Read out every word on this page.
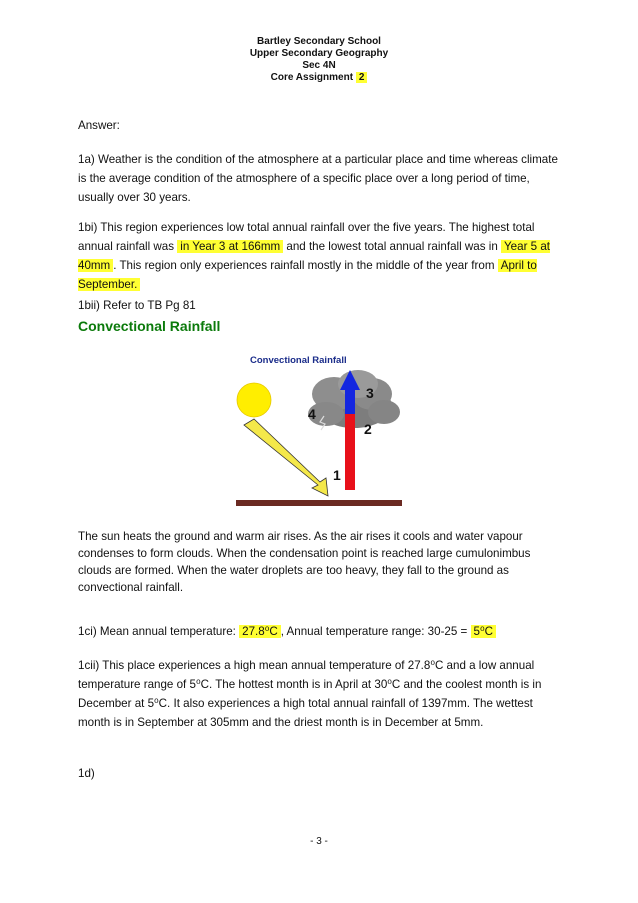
Bartley Secondary School
Upper Secondary Geography
Sec 4N
Core Assignment 2

Answer:

1a) Weather is the condition of the atmosphere at a particular place and time whereas climate is the average condition of the atmosphere of a specific place over a long period of time, usually over 30 years.

1bi) This region experiences low total annual rainfall over the five years. The highest total annual rainfall was in Year 3 at 166mm and the lowest total annual rainfall was in Year 5 at 40mm . This region only experiences rainfall mostly in the middle of the year from April to September.

1bii) Refer to TB Pg 81

Convectional Rainfall
Convectional Rainfall
1
2
3
4

The sun heats the ground and warm air rises. As the air rises it cools and water vapour condenses to form clouds. When the condensation point is reached large cumulonimbus clouds are formed. When the water droplets are too heavy, they fall to the ground as convectional rainfall.

1ci) Mean annual temperature: 27.8⁰C , Annual temperature range: 30-25 = 5⁰C

1cii) This place experiences a high mean annual temperature of 27.8⁰C and a low annual temperature range of 5⁰C. The hottest month is in April at 30⁰C and the coolest month is in December at 5⁰C. It also experiences a high total annual rainfall of 1397mm. The wettest month is in September at 305mm and the driest month is in December at 5mm.

1d)

- 3 -
